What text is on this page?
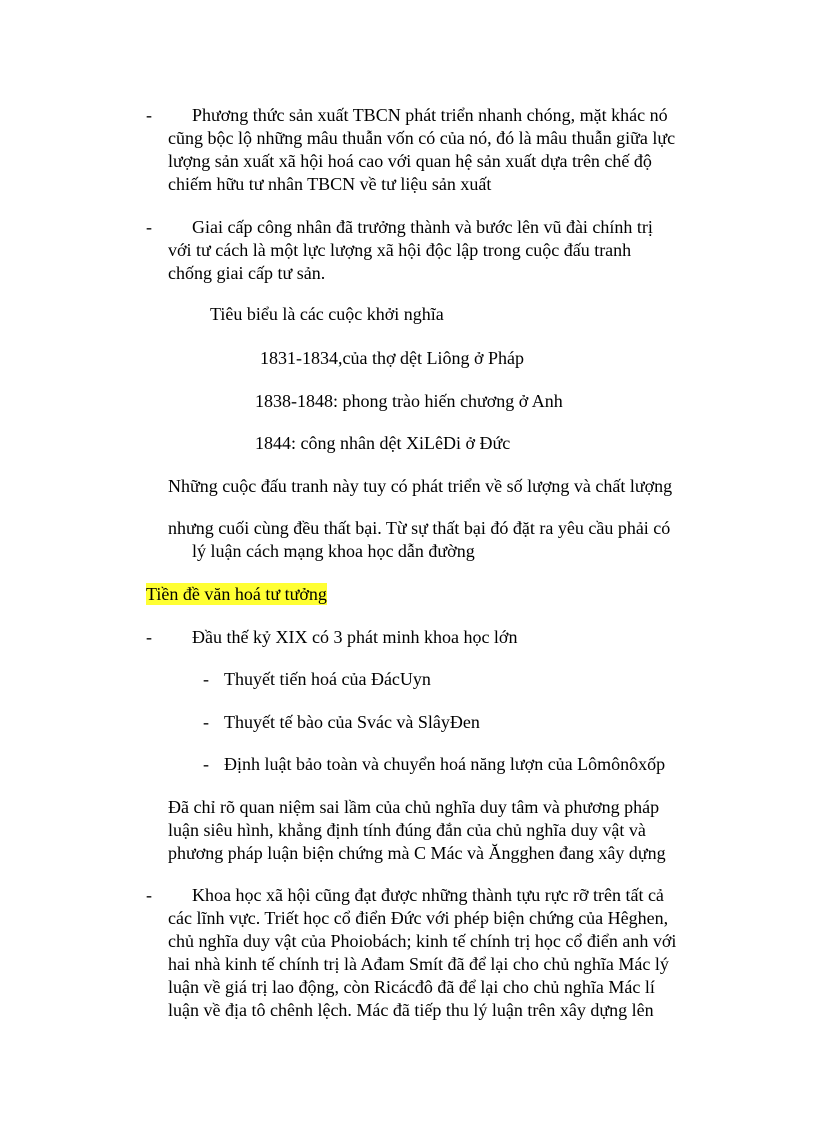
- Phương thức sản xuất TBCN phát triển nhanh chóng, mặt khác nó
cũng bộc lộ những mâu thuẫn vốn có của nó, đó là mâu thuẫn giữa lực
lượng sản xuất xã hội hoá cao với quan hệ sản xuất dựa trên chế độ
chiếm hữu tư nhân TBCN về tư liệu sản xuất
- Giai cấp công nhân đã trưởng thành và bước lên vũ đài chính trị
với tư cách là một lực lượng xã hội độc lập trong cuộc đấu tranh
chống giai cấp tư sản.
Tiêu biểu là các cuộc khởi nghĩa
1831-1834,của thợ dệt Liông ở Pháp
1838-1848: phong trào hiến chương ở Anh
1844: công nhân dệt XiLêDi ở Đức
Những cuộc đấu tranh này tuy có phát triển về số lượng và chất lượng
nhưng cuối cùng đều thất bại. Từ sự thất bại đó đặt ra yêu cầu phải có
lý luận cách mạng khoa học dẫn đường
Tiền đề văn hoá tư tưởng
- Đầu thế kỷ XIX có 3 phát minh khoa học lớn
- Thuyết tiến hoá của ĐácUyn
- Thuyết tế bào của Svác và SlâyĐen
- Định luật bảo toàn và chuyển hoá năng lượn của Lômônôxốp
Đã chỉ rõ quan niệm sai lầm của chủ nghĩa duy tâm và phương pháp
luận siêu hình, khẳng định tính đúng đắn của chủ nghĩa duy vật và
phương pháp luận biện chứng mà C Mác và Ăngghen đang xây dựng
- Khoa học xã hội cũng đạt được những thành tựu rực rỡ trên tất cả
các lĩnh vực. Triết học cổ điển Đức với phép biện chứng của Hêghen,
chủ nghĩa duy vật của Phoiobách; kinh tế chính trị học cổ điển anh với
hai nhà kinh tế chính trị là Ađam Smít đã để lại cho chủ nghĩa Mác lý
luận về giá trị lao động, còn Ricácđô đã để lại cho chủ nghĩa Mác lí
luận về địa tô chênh lệch. Mác đã tiếp thu lý luận trên xây dựng lên
